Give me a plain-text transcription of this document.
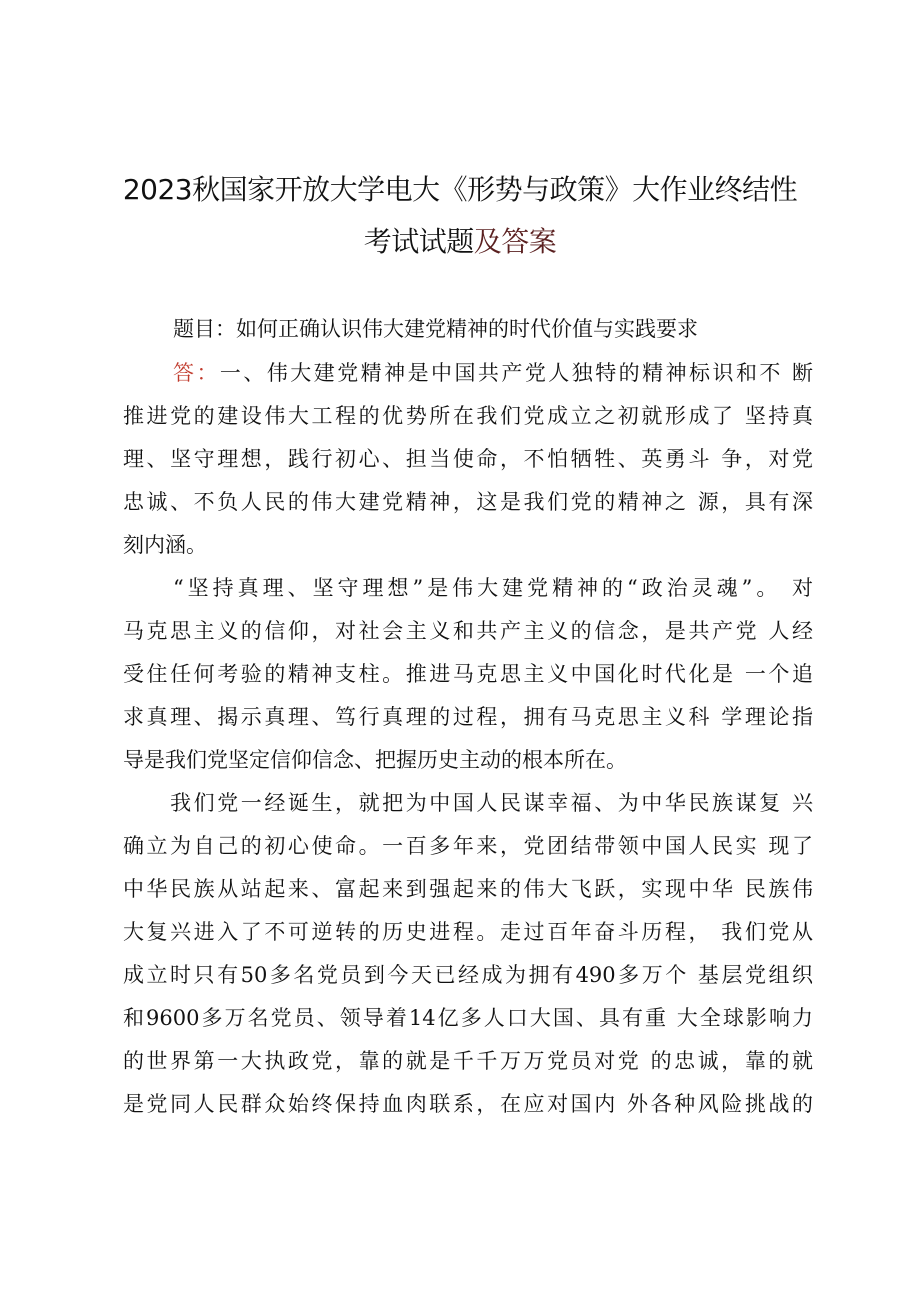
2023秋国家开放大学电大《形势与政策》大作业终结性
考试试题及答案
题目：如何正确认识伟大建党精神的时代价值与实践要求
答：一、伟大建党精神是中国共产党人独特的精神标识和不 断
推进党的建设伟大工程的优势所在我们党成立之初就形成了 坚持真
理、坚守理想，践行初心、担当使命，不怕牺牲、英勇斗 争，对党
忠诚、不负人民的伟大建党精神，这是我们党的精神之 源，具有深
刻内涵。
　　“坚持真理、坚守理想”是伟大建党精神的“政治灵魂”。 对
马克思主义的信仰，对社会主义和共产主义的信念，是共产党 人经
受住任何考验的精神支柱。推进马克思主义中国化时代化是 一个追
求真理、揭示真理、笃行真理的过程，拥有马克思主义科 学理论指
导是我们党坚定信仰信念、把握历史主动的根本所在。
　　我们党一经诞生，就把为中国人民谋幸福、为中华民族谋复 兴
确立为自己的初心使命。一百多年来，党团结带领中国人民实 现了
中华民族从站起来、富起来到强起来的伟大飞跃，实现中华 民族伟
大复兴进入了不可逆转的历史进程。走过百年奋斗历程， 我们党从
成立时只有50多名党员到今天已经成为拥有490多万个 基层党组织
和9600多万名党员、领导着14亿多人口大国、具有重 大全球影响力
的世界第一大执政党，靠的就是千千万万党员对党 的忠诚，靠的就
是党同人民群众始终保持血肉联系，在应对国内 外各种风险挑战的
